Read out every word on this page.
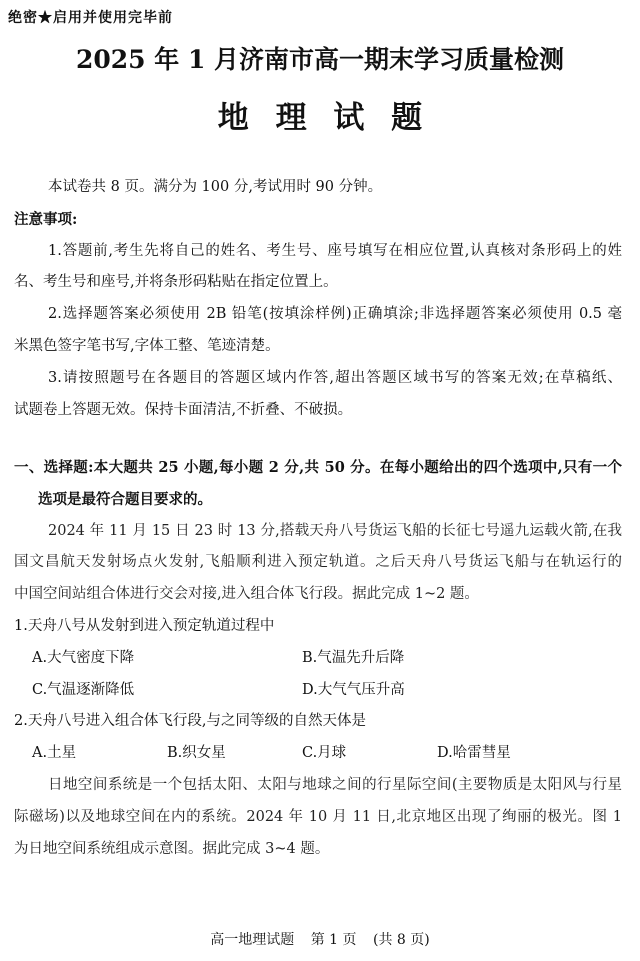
绝密★启用并使用完毕前
2025 年 1 月济南市高一期末学习质量检测
地 理 试 题
本试卷共 8 页。满分为 100 分,考试用时 90 分钟。
注意事项:
1.答题前,考生先将自己的姓名、考生号、座号填写在相应位置,认真核对条形码上的姓
名、考生号和座号,并将条形码粘贴在指定位置上。
2.选择题答案必须使用 2B 铅笔(按填涂样例)正确填涂;非选择题答案必须使用 0.5 毫
米黑色签字笔书写,字体工整、笔迹清楚。
3.请按照题号在各题目的答题区域内作答,超出答题区域书写的答案无效;在草稿纸、
试题卷上答题无效。保持卡面清洁,不折叠、不破损。
一、选择题:本大题共 25 小题,每小题 2 分,共 50 分。在每小题给出的四个选项中,只有一个
选项是最符合题目要求的。
2024 年 11 月 15 日 23 时 13 分,搭载天舟八号货运飞船的长征七号遥九运载火箭,在我
国文昌航天发射场点火发射,飞船顺利进入预定轨道。之后天舟八号货运飞船与在轨运行的
中国空间站组合体进行交会对接,进入组合体飞行段。据此完成 1~2 题。
1.天舟八号从发射到进入预定轨道过程中
A.大气密度下降	B.气温先升后降
C.气温逐渐降低	D.大气气压升高
2.天舟八号进入组合体飞行段,与之同等级的自然天体是
A.土星	B.织女星	C.月球	D.哈雷彗星
日地空间系统是一个包括太阳、太阳与地球之间的行星际空间(主要物质是太阳风与行星
际磁场)以及地球空间在内的系统。2024 年 10 月 11 日,北京地区出现了绚丽的极光。图 1
为日地空间系统组成示意图。据此完成 3~4 题。
高一地理试题 第 1 页 (共 8 页)
